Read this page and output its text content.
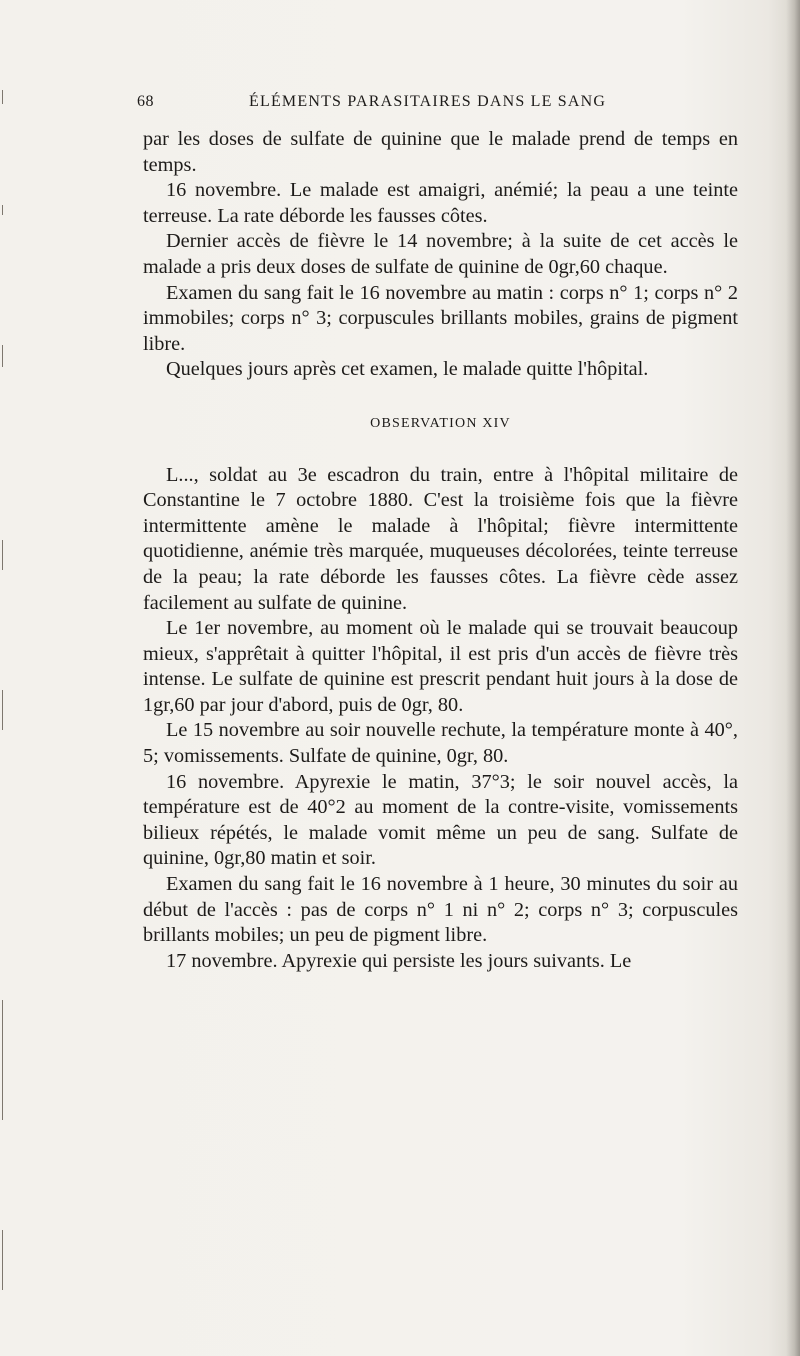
68	ÉLÉMENTS PARASITAIRES DANS LE SANG

par les doses de sulfate de quinine que le malade prend de temps en temps.

16 novembre. Le malade est amaigri, anémié; la peau a une teinte terreuse. La rate déborde les fausses côtes.

Dernier accès de fièvre le 14 novembre; à la suite de cet accès le malade a pris deux doses de sulfate de quinine de 0gr,60 chaque.

Examen du sang fait le 16 novembre au matin : corps n° 1; corps n° 2 immobiles; corps n° 3; corpuscules brillants mobiles, grains de pigment libre.

Quelques jours après cet examen, le malade quitte l'hôpital.

OBSERVATION XIV

L..., soldat au 3e escadron du train, entre à l'hôpital militaire de Constantine le 7 octobre 1880. C'est la troisième fois que la fièvre intermittente amène le malade à l'hôpital; fièvre intermittente quotidienne, anémie très marquée, muqueuses décolorées, teinte terreuse de la peau; la rate déborde les fausses côtes. La fièvre cède assez facilement au sulfate de quinine.

Le 1er novembre, au moment où le malade qui se trouvait beaucoup mieux, s'apprêtait à quitter l'hôpital, il est pris d'un accès de fièvre très intense. Le sulfate de quinine est prescrit pendant huit jours à la dose de 1gr,60 par jour d'abord, puis de 0gr, 80.

Le 15 novembre au soir nouvelle rechute, la température monte à 40°, 5; vomissements. Sulfate de quinine, 0gr, 80.

16 novembre. Apyrexie le matin, 37°3; le soir nouvel accès, la température est de 40°2 au moment de la contre-visite, vomissements bilieux répétés, le malade vomit même un peu de sang. Sulfate de quinine, 0gr,80 matin et soir.

Examen du sang fait le 16 novembre à 1 heure, 30 minutes du soir au début de l'accès : pas de corps n° 1 ni n° 2; corps n° 3; corpuscules brillants mobiles; un peu de pigment libre.

17 novembre. Apyrexie qui persiste les jours suivants. Le
